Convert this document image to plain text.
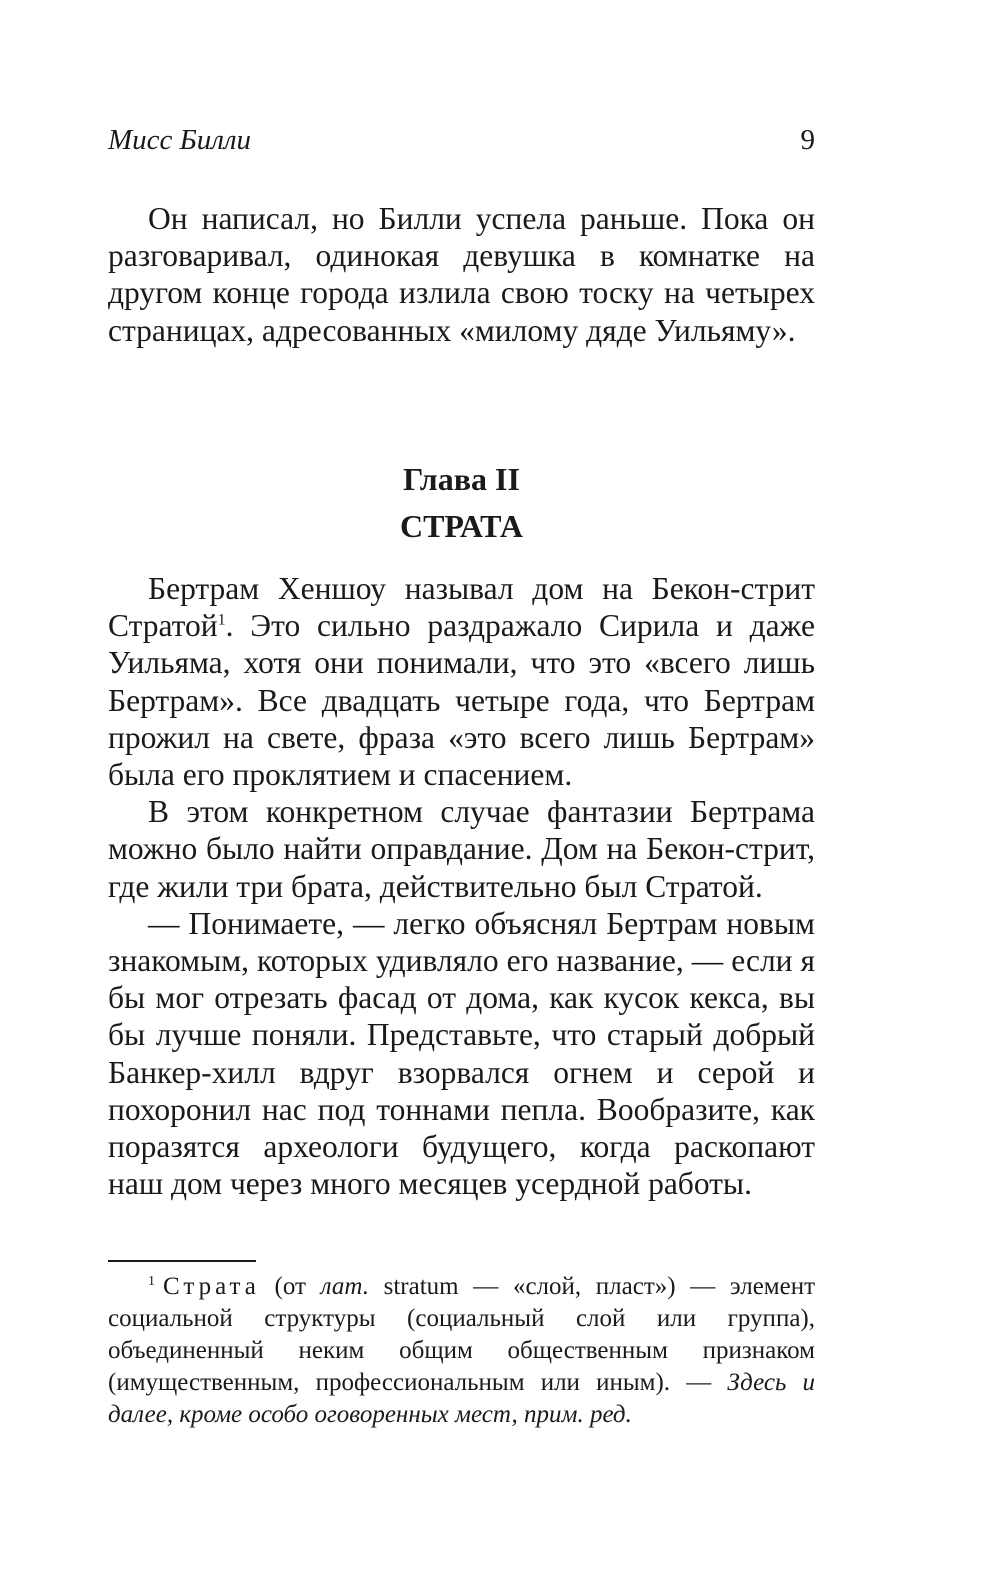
Мисс Билли	9

Он написал, но Билли успела раньше. Пока он разговаривал, одинокая девушка в комнатке на другом конце города излила свою тоску на четырех страницах, адресованных «милому дяде Уильяму».

Глава II
СТРАТА

Бертрам Хеншоу называл дом на Бекон-стрит Стратой$^1$. Это сильно раздражало Сирила и даже Уильяма, хотя они понимали, что это «всего лишь Бертрам». Все двадцать четыре года, что Бертрам прожил на свете, фраза «это всего лишь Бертрам» была его проклятием и спасением.

В этом конкретном случае фантазии Бертрама можно было найти оправдание. Дом на Бекон-стрит, где жили три брата, действительно был Стратой.

— Понимаете, — легко объяснял Бертрам новым знакомым, которых удивляло его название, — если я бы мог отрезать фасад от дома, как кусок кекса, вы бы лучше поняли. Представьте, что старый добрый Банкер-хилл вдруг взорвался огнем и серой и похоронил нас под тоннами пепла. Вообразите, как поразятся археологи будущего, когда раскопают наш дом через много месяцев усердной работы.

$^1$ Страта (от лат. stratum — «слой, пласт») — элемент социальной структуры (социальный слой или группа), объединенный неким общим общественным признаком (имущественным, профессиональным или иным). — Здесь и далее, кроме особо оговоренных мест, прим. ред.
